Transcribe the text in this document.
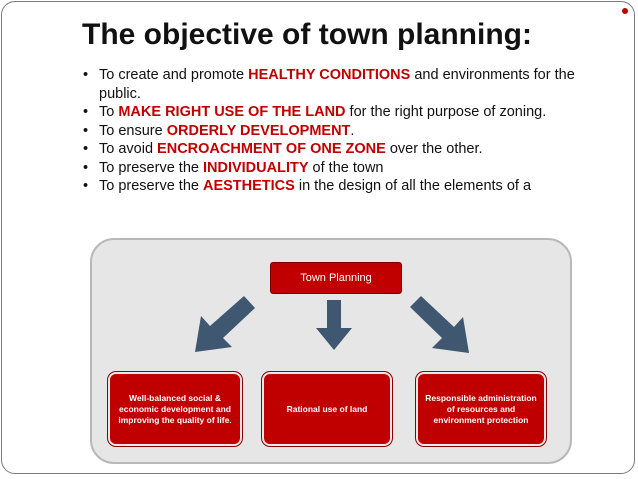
The objective of town planning:
• To create and promote HEALTHY CONDITIONS and environments for the public.
• To MAKE RIGHT USE OF THE LAND for the right purpose of zoning.
• To ensure ORDERLY DEVELOPMENT.
• To avoid ENCROACHMENT OF ONE ZONE over the other.
• To preserve the INDIVIDUALITY of the town
• To preserve the AESTHETICS in the design of all the elements of a
Town Planning
Well-balanced social & economic development and improving the quality of life.
Rational use of land
Responsible administration of resources and environment protection
